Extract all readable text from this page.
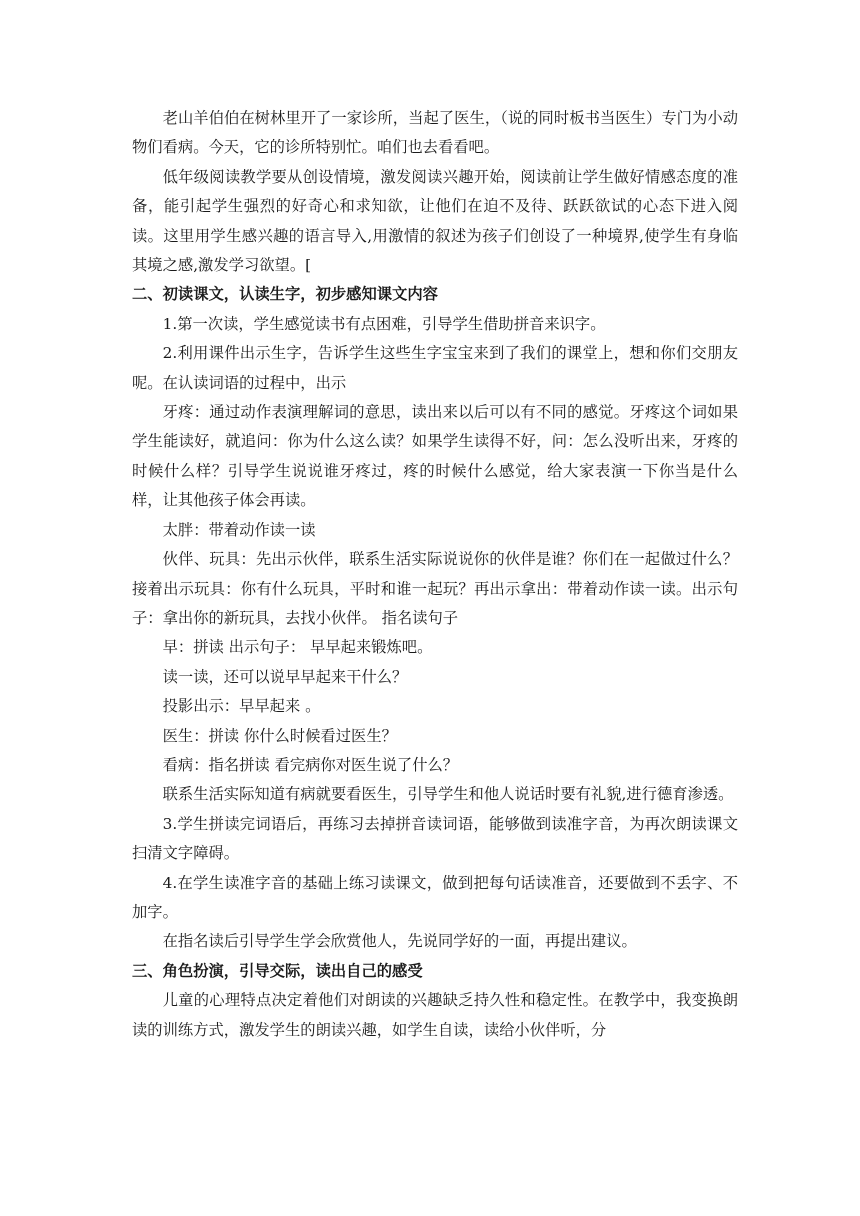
老山羊伯伯在树林里开了一家诊所，当起了医生，（说的同时板书当医生）专门为小动物们看病。今天，它的诊所特别忙。咱们也去看看吧。

低年级阅读教学要从创设情境，激发阅读兴趣开始，阅读前让学生做好情感态度的准备，能引起学生强烈的好奇心和求知欲，让他们在迫不及待、跃跃欲试的心态下进入阅读。这里用学生感兴趣的语言导入,用激情的叙述为孩子们创设了一种境界,使学生有身临其境之感,激发学习欲望。[

二、初读课文，认读生字，初步感知课文内容

1.第一次读，学生感觉读书有点困难，引导学生借助拼音来识字。

2.利用课件出示生字，告诉学生这些生字宝宝来到了我们的课堂上，想和你们交朋友呢。在认读词语的过程中，出示

牙疼：通过动作表演理解词的意思，读出来以后可以有不同的感觉。牙疼这个词如果学生能读好，就追问：你为什么这么读？如果学生读得不好，问：怎么没听出来，牙疼的时候什么样？引导学生说说谁牙疼过，疼的时候什么感觉，给大家表演一下你当是什么样，让其他孩子体会再读。

太胖：带着动作读一读

伙伴、玩具：先出示伙伴，联系生活实际说说你的伙伴是谁？你们在一起做过什么？接着出示玩具：你有什么玩具，平时和谁一起玩？再出示拿出：带着动作读一读。出示句子：拿出你的新玩具，去找小伙伴。 指名读句子

早：拼读 出示句子： 早早起来锻炼吧。

读一读，还可以说早早起来干什么？

投影出示：早早起来 。

医生：拼读 你什么时候看过医生？

看病：指名拼读 看完病你对医生说了什么？

联系生活实际知道有病就要看医生，引导学生和他人说话时要有礼貌,进行德育渗透。

3.学生拼读完词语后，再练习去掉拼音读词语，能够做到读准字音，为再次朗读课文扫清文字障碍。

4.在学生读准字音的基础上练习读课文，做到把每句话读准音，还要做到不丢字、不加字。

在指名读后引导学生学会欣赏他人，先说同学好的一面，再提出建议。

三、角色扮演，引导交际，读出自己的感受

儿童的心理特点决定着他们对朗读的兴趣缺乏持久性和稳定性。在教学中，我变换朗读的训练方式，激发学生的朗读兴趣，如学生自读，读给小伙伴听，分
